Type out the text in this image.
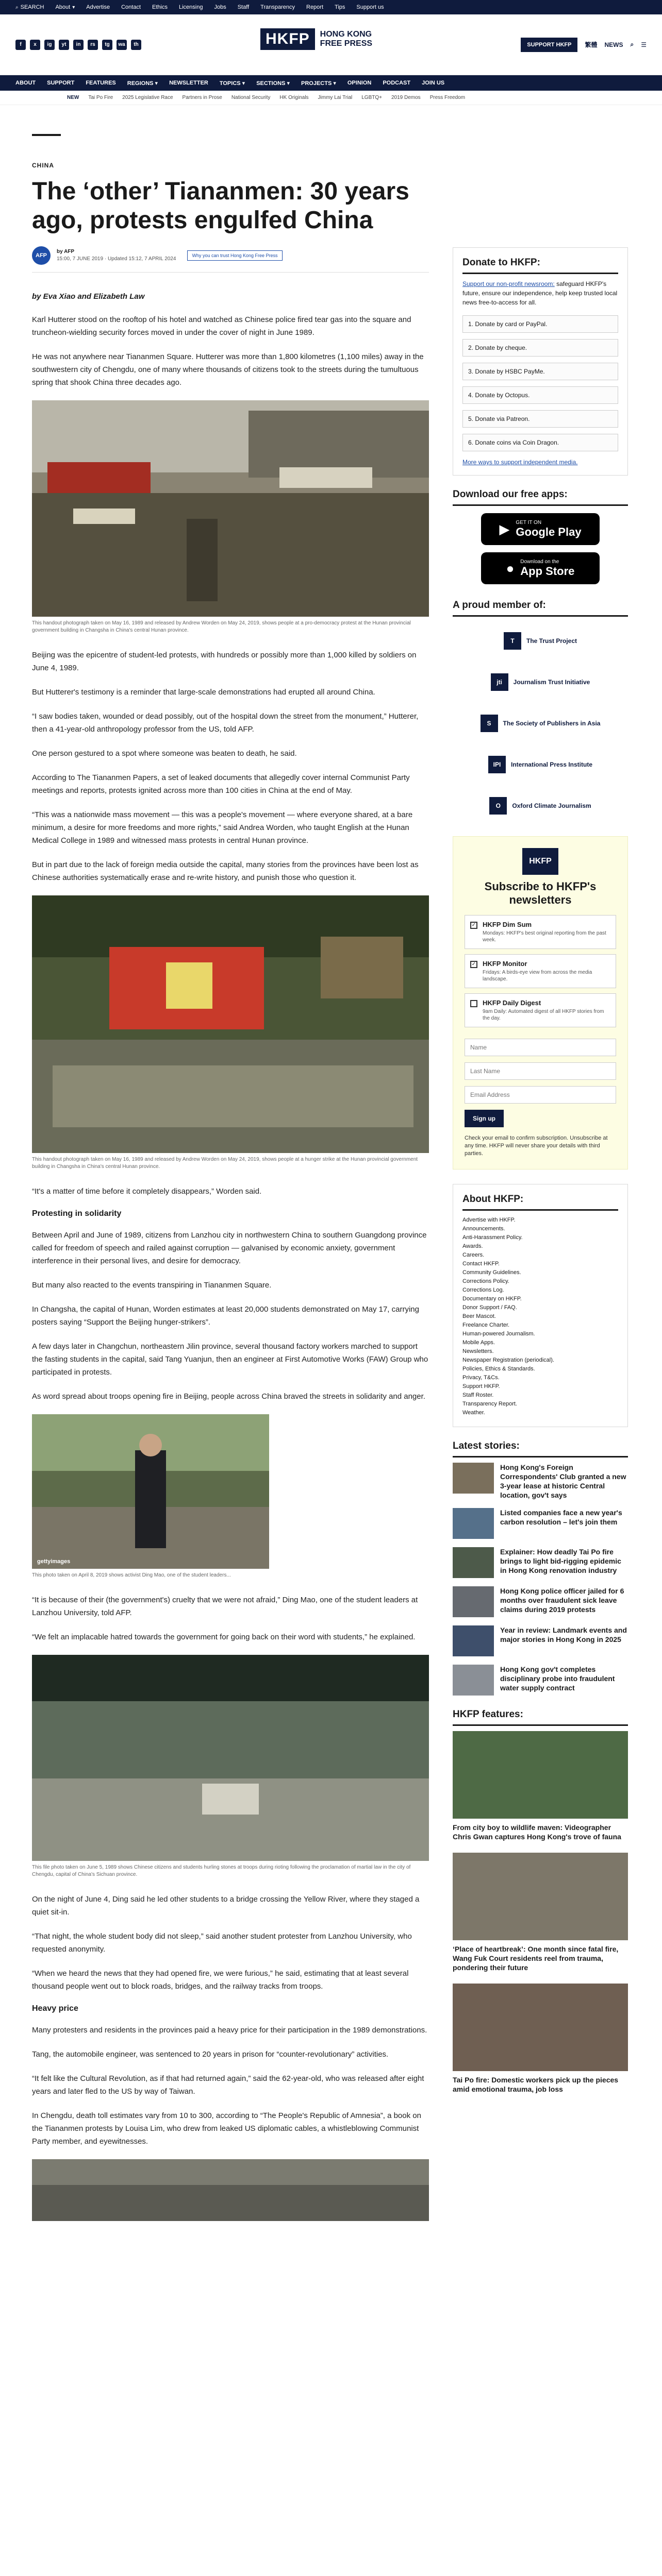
⌕ SEARCH About ▾ Advertise Contact Ethics Licensing Jobs Staff Transparency Report Tips Support us
f	x	ig	yt	in	rs	tg	wa	th	SUPPORT HKFP	繁體 NEWS ⌕ ☰
HKFP	HONG KONG
FREE PRESS
ABOUT SUPPORT FEATURES REGIONS ▾ NEWSLETTER TOPICS ▾ SECTIONS ▾ PROJECTS ▾ OPINION PODCAST JOIN US
NEW Tai Po Fire 2025 Legislative Race Partners in Prose National Security HK Originals Jimmy Lai Trial LGBTQ+ 2019 Demos Press Freedom
CHINA
The ‘other’ Tiananmen: 30 years ago, protests engulfed China
AFP
by AFP
15:00, 7 JUNE 2019 · Updated 15:12, 7 APRIL 2024
Why you can trust Hong Kong Free Press
by Eva Xiao and Elizabeth Law

Karl Hutterer stood on the rooftop of his hotel and watched as Chinese police fired tear gas into the square and truncheon-wielding security forces moved in under the cover of night in June 1989.

He was not anywhere near Tiananmen Square. Hutterer was more than 1,800 kilometres (1,100 miles) away in the southwestern city of Chengdu, one of many where thousands of citizens took to the streets during the tumultuous spring that shook China three decades ago.

This handout photograph taken on May 16, 1989 and released by Andrew Worden on May 24, 2019, shows people at a pro-democracy protest at the Hunan provincial government building in Changsha in China's central Hunan province.

Beijing was the epicentre of student-led protests, with hundreds or possibly more than 1,000 killed by soldiers on June 4, 1989.

But Hutterer's testimony is a reminder that large-scale demonstrations had erupted all around China.

“I saw bodies taken, wounded or dead possibly, out of the hospital down the street from the monument,” Hutterer, then a 41-year-old anthropology professor from the US, told AFP.

One person gestured to a spot where someone was beaten to death, he said.

According to The Tiananmen Papers, a set of leaked documents that allegedly cover internal Communist Party meetings and reports, protests ignited across more than 100 cities in China at the end of May.

“This was a nationwide mass movement — this was a people's movement — where everyone shared, at a bare minimum, a desire for more freedoms and more rights,” said Andrea Worden, who taught English at the Hunan Medical College in 1989 and witnessed mass protests in central Hunan province.

But in part due to the lack of foreign media outside the capital, many stories from the provinces have been lost as Chinese authorities systematically erase and re-write history, and punish those who question it.

This handout photograph taken on May 16, 1989 and released by Andrew Worden on May 24, 2019, shows people at a hunger strike at the Hunan provincial government building in Changsha in China's central Hunan province.

“It's a matter of time before it completely disappears,” Worden said.

Protesting in solidarity

Between April and June of 1989, citizens from Lanzhou city in northwestern China to southern Guangdong province called for freedom of speech and railed against corruption — galvanised by economic anxiety, government interference in their personal lives, and desire for democracy.

But many also reacted to the events transpiring in Tiananmen Square.

In Changsha, the capital of Hunan, Worden estimates at least 20,000 students demonstrated on May 17, carrying posters saying “Support the Beijing hunger-strikers”.

A few days later in Changchun, northeastern Jilin province, several thousand factory workers marched to support the fasting students in the capital, said Tang Yuanjun, then an engineer at First Automotive Works (FAW) Group who participated in protests.

As word spread about troops opening fire in Beijing, people across China braved the streets in solidarity and anger.

gettyimages
This photo taken on April 8, 2019 shows activist Ding Mao, one of the student leaders...

“It is because of their (the government's) cruelty that we were not afraid,” Ding Mao, one of the student leaders at Lanzhou University, told AFP.

“We felt an implacable hatred towards the government for going back on their word with students,” he explained.

This file photo taken on June 5, 1989 shows Chinese citizens and students hurling stones at troops during rioting following the proclamation of martial law in the city of Chengdu, capital of China's Sichuan province.

On the night of June 4, Ding said he led other students to a bridge crossing the Yellow River, where they staged a quiet sit-in.

“That night, the whole student body did not sleep,” said another student protester from Lanzhou University, who requested anonymity.

“When we heard the news that they had opened fire, we were furious,” he said, estimating that at least several thousand people went out to block roads, bridges, and the railway tracks from troops.

Heavy price

Many protesters and residents in the provinces paid a heavy price for their participation in the 1989 demonstrations.

Tang, the automobile engineer, was sentenced to 20 years in prison for “counter-revolutionary” activities.

“It felt like the Cultural Revolution, as if that had returned again,” said the 62-year-old, who was released after eight years and later fled to the US by way of Taiwan.

In Chengdu, death toll estimates vary from 10 to 300, according to “The People's Republic of Amnesia”, a book on the Tiananmen protests by Louisa Lim, who drew from leaked US diplomatic cables, a whistleblowing Communist Party member, and eyewitnesses.

Donate to HKFP:
Support our non-profit newsroom: safeguard HKFP's future, ensure our independence, help keep trusted local news free-to-access for all.
1. Donate by card or PayPal.
2. Donate by cheque.
3. Donate by HSBC PayMe.
4. Donate by Octopus.
5. Donate via Patreon.
6. Donate coins via Coin Dragon.
More ways to support independent media.
Download our free apps:
▶ GET IT ON
Google Play
● Download on the
App Store
A proud member of:
T	The Trust Project
jti	Journalism Trust Initiative
S	The Society of Publishers in Asia
IPI	International Press Institute
O	Oxford Climate Journalism
HKFP
Subscribe to HKFP's newsletters
✓ HKFP Dim Sum
Mondays: HKFP's best original reporting from the past week.
✓ HKFP Monitor
Fridays: A birds-eye view from across the media landscape.
HKFP Daily Digest
9am Daily: Automated digest of all HKFP stories from the day.
Name Last Name Email Address
Sign up
Check your email to confirm subscription. Unsubscribe at any time. HKFP will never share your details with third parties.
About HKFP:
Advertise with HKFP.
Announcements.
Anti-Harassment Policy.
Awards.
Careers.
Contact HKFP.
Community Guidelines.
Corrections Policy.
Corrections Log.
Documentary on HKFP.
Donor Support / FAQ.
Beer Mascot.
Freelance Charter.
Human-powered Journalism.
Mobile Apps.
Newsletters.
Newspaper Registration (periodical).
Policies, Ethics & Standards.
Privacy, T&Cs.
Support HKFP.
Staff Roster.
Transparency Report.
Weather.
Latest stories:
Hong Kong's Foreign Correspondents' Club granted a new 3-year lease at historic Central location, gov't says
Listed companies face a new year's carbon resolution – let's join them
Explainer: How deadly Tai Po fire brings to light bid-rigging epidemic in Hong Kong renovation industry
Hong Kong police officer jailed for 6 months over fraudulent sick leave claims during 2019 protests
Year in review: Landmark events and major stories in Hong Kong in 2025
Hong Kong gov't completes disciplinary probe into fraudulent water supply contract
HKFP features:
From city boy to wildlife maven: Videographer Chris Gwan captures Hong Kong's trove of fauna
‘Place of heartbreak’: One month since fatal fire, Wang Fuk Court residents reel from trauma, pondering their future
Tai Po fire: Domestic workers pick up the pieces amid emotional trauma, job loss
